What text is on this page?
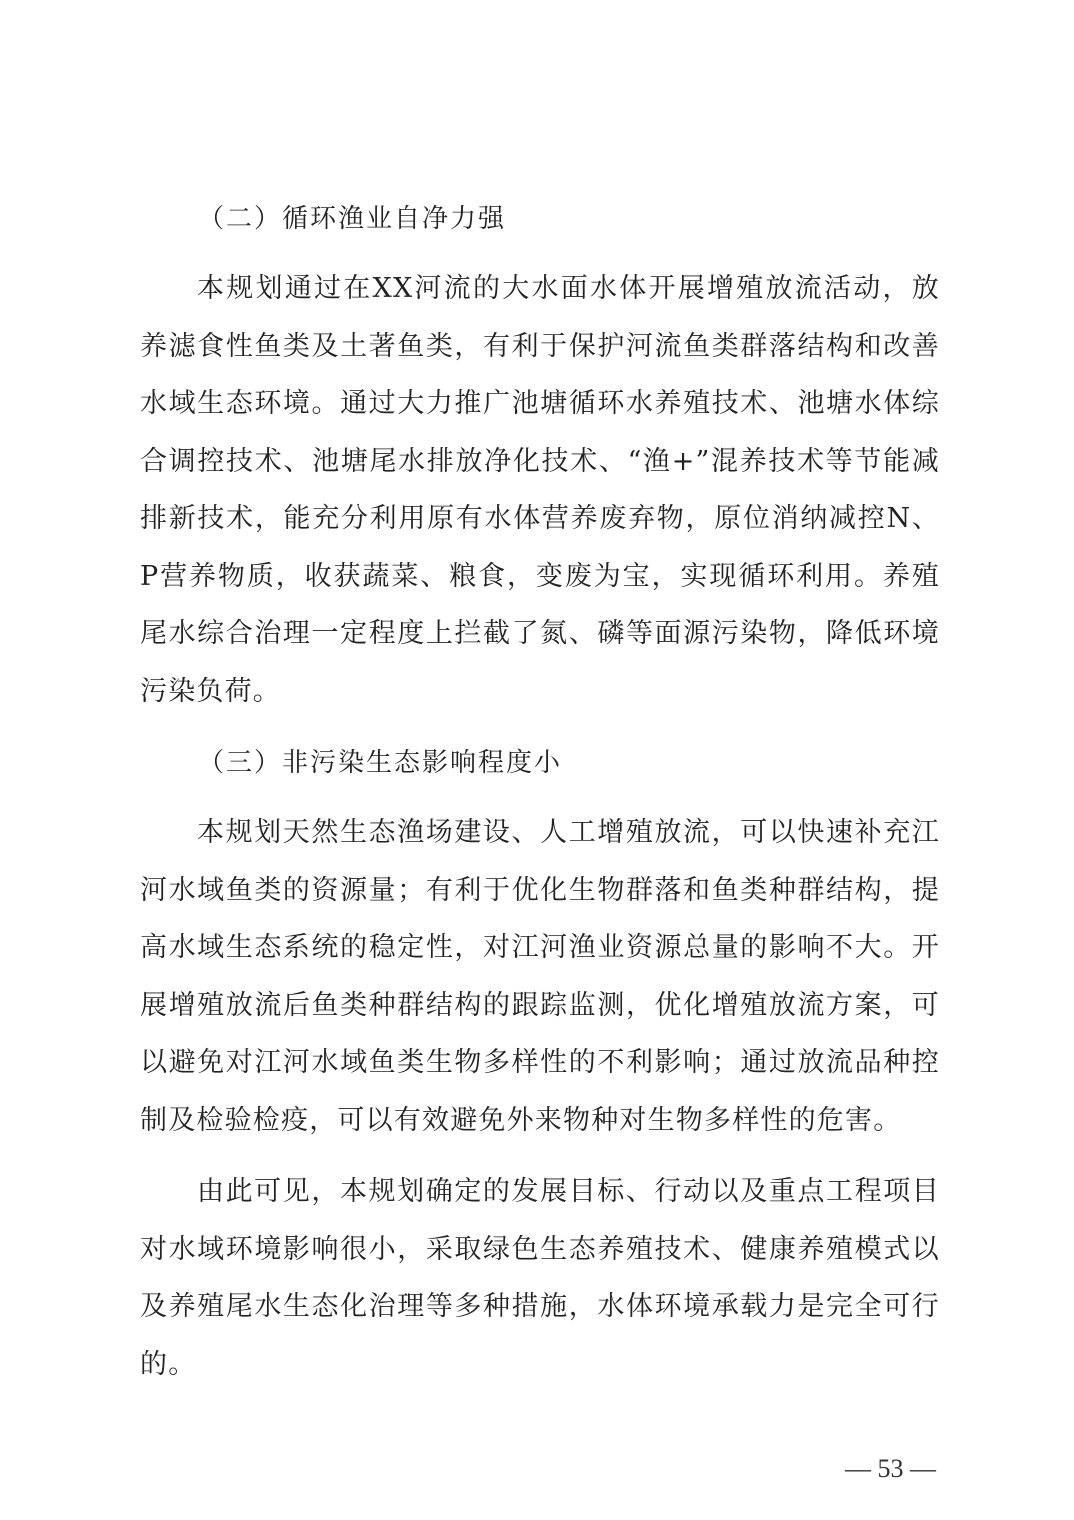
（二）循环渔业自净力强

本规划通过在XX河流的大水面水体开展增殖放流活动，放养滤食性鱼类及土著鱼类，有利于保护河流鱼类群落结构和改善水域生态环境。通过大力推广池塘循环水养殖技术、池塘水体综合调控技术、池塘尾水排放净化技术、“渔+”混养技术等节能减排新技术，能充分利用原有水体营养废弃物，原位消纳减控N、P营养物质，收获蔬菜、粮食，变废为宝，实现循环利用。养殖尾水综合治理一定程度上拦截了氮、磷等面源污染物，降低环境污染负荷。

（三）非污染生态影响程度小

本规划天然生态渔场建设、人工增殖放流，可以快速补充江河水域鱼类的资源量；有利于优化生物群落和鱼类种群结构，提高水域生态系统的稳定性，对江河渔业资源总量的影响不大。开展增殖放流后鱼类种群结构的跟踪监测，优化增殖放流方案，可以避免对江河水域鱼类生物多样性的不利影响；通过放流品种控制及检验检疫，可以有效避免外来物种对生物多样性的危害。

由此可见，本规划确定的发展目标、行动以及重点工程项目对水域环境影响很小，采取绿色生态养殖技术、健康养殖模式以及养殖尾水生态化治理等多种措施，水体环境承载力是完全可行的。

— 53 —
